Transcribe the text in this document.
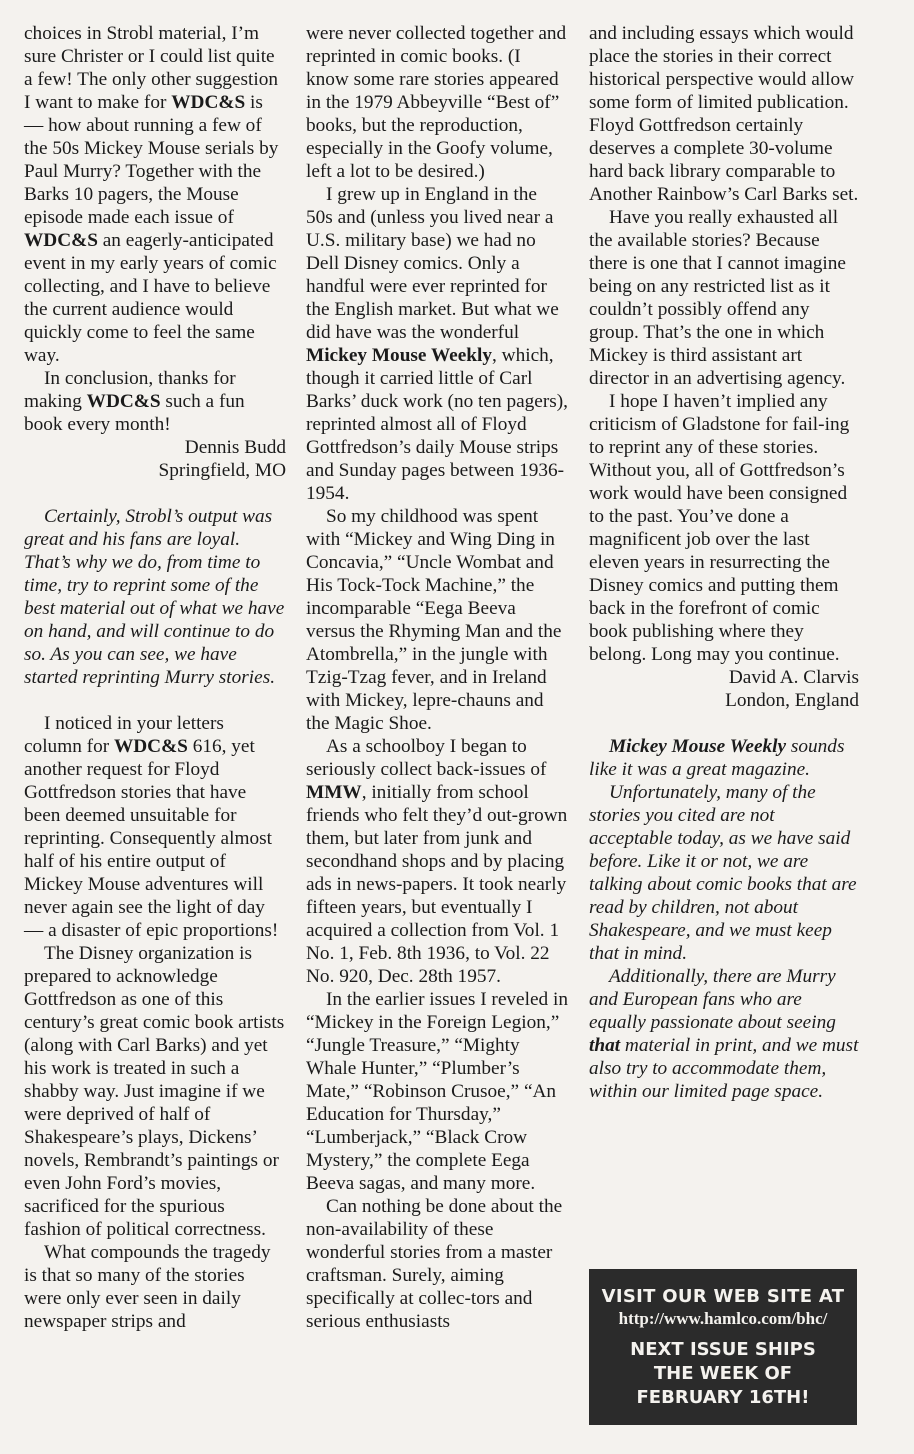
choices in Strobl material, I’m sure Christer or I could list quite a few! The only other suggestion I want to make for WDC&S is — how about running a few of the 50s Mickey Mouse serials by Paul Murry? Together with the Barks 10 pagers, the Mouse episode made each issue of WDC&S an eagerly-anticipated event in my early years of comic collecting, and I have to believe the current audience would quickly come to feel the same way.

In conclusion, thanks for making WDC&S such a fun book every month!

Dennis Budd

Springfield, MO

Certainly, Strobl’s output was great and his fans are loyal. That’s why we do, from time to time, try to reprint some of the best material out of what we have on hand, and will continue to do so. As you can see, we have started reprinting Murry stories.

I noticed in your letters column for WDC&S 616, yet another request for Floyd Gottfredson stories that have been deemed unsuitable for reprinting. Consequently almost half of his entire output of Mickey Mouse adventures will never again see the light of day — a disaster of epic proportions!

The Disney organization is prepared to acknowledge Gottfredson as one of this century’s great comic book artists (along with Carl Barks) and yet his work is treated in such a shabby way. Just imagine if we were deprived of half of Shakespeare’s plays, Dickens’ novels, Rembrandt’s paintings or even John Ford’s movies, sacrificed for the spurious fashion of political correctness.

What compounds the tragedy is that so many of the stories were only ever seen in daily newspaper strips and

were never collected together and reprinted in comic books. (I know some rare stories appeared in the 1979 Abbeyville “Best of” books, but the reproduction, especially in the Goofy volume, left a lot to be desired.)

I grew up in England in the 50s and (unless you lived near a U.S. military base) we had no Dell Disney comics. Only a handful were ever reprinted for the English market. But what we did have was the wonderful Mickey Mouse Weekly, which, though it carried little of Carl Barks’ duck work (no ten pagers), reprinted almost all of Floyd Gottfredson’s daily Mouse strips and Sunday pages between 1936-1954.

So my childhood was spent with “Mickey and Wing Ding in Concavia,” “Uncle Wombat and His Tock-Tock Machine,” the incomparable “Eega Beeva versus the Rhyming Man and the Atombrella,” in the jungle with Tzig-Tzag fever, and in Ireland with Mickey, lepre-chauns and the Magic Shoe.

As a schoolboy I began to seriously collect back-issues of MMW, initially from school friends who felt they’d out-grown them, but later from junk and secondhand shops and by placing ads in news-papers. It took nearly fifteen years, but eventually I acquired a collection from Vol. 1 No. 1, Feb. 8th 1936, to Vol. 22 No. 920, Dec. 28th 1957.

In the earlier issues I reveled in “Mickey in the Foreign Legion,” “Jungle Treasure,” “Mighty Whale Hunter,” “Plumber’s Mate,” “Robinson Crusoe,” “An Education for Thursday,” “Lumberjack,” “Black Crow Mystery,” the complete Eega Beeva sagas, and many more.

Can nothing be done about the non-availability of these wonderful stories from a master craftsman. Surely, aiming specifically at collec-tors and serious enthusiasts

and including essays which would place the stories in their correct historical perspective would allow some form of limited publication. Floyd Gottfredson certainly deserves a complete 30-volume hard back library comparable to Another Rainbow’s Carl Barks set.

Have you really exhausted all the available stories? Because there is one that I cannot imagine being on any restricted list as it couldn’t possibly offend any group. That’s the one in which Mickey is third assistant art director in an advertising agency.

I hope I haven’t implied any criticism of Gladstone for fail-ing to reprint any of these stories. Without you, all of Gottfredson’s work would have been consigned to the past. You’ve done a magnificent job over the last eleven years in resurrecting the Disney comics and putting them back in the forefront of comic book publishing where they belong. Long may you continue.

David A. Clarvis

London, England

Mickey Mouse Weekly sounds like it was a great magazine.

Unfortunately, many of the stories you cited are not acceptable today, as we have said before. Like it or not, we are talking about comic books that are read by children, not about Shakespeare, and we must keep that in mind.

Additionally, there are Murry and European fans who are equally passionate about seeing that material in print, and we must also try to accommodate them, within our limited page space.

VISIT OUR WEB SITE AT
http://www.hamlco.com/bhc/
NEXT ISSUE SHIPS
THE WEEK OF
FEBRUARY 16TH!
